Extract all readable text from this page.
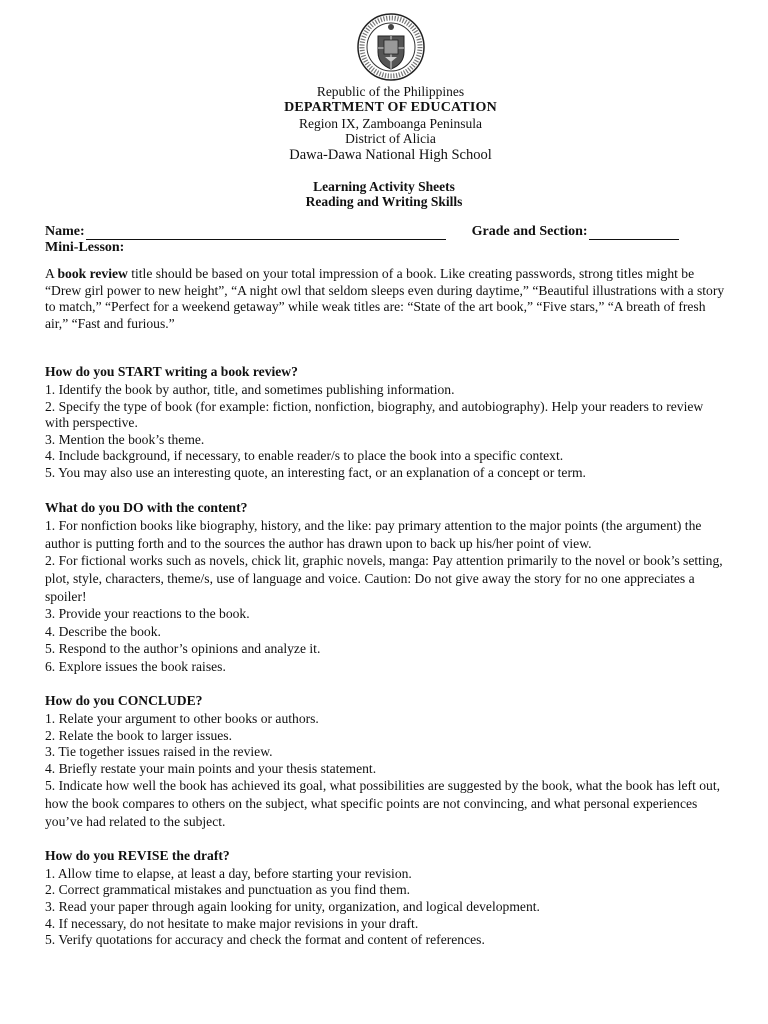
Republic of the Philippines
DEPARTMENT OF EDUCATION
Region IX, Zamboanga Peninsula
District of Alicia
Dawa-Dawa National High School
Learning Activity Sheets
Reading and Writing Skills
Name:	Grade and Section:
Mini-Lesson:

A book review title should be based on your total impression of a book. Like creating passwords, strong titles might be “Drew girl power to new height”, “A night owl that seldom sleeps even during daytime,” “Beautiful illustrations with a story to match,” “Perfect for a weekend getaway” while weak titles are: “State of the art book,” “Five stars,” “A breath of fresh air,” “Fast and furious.”

How do you START writing a book review?
1. Identify the book by author, title, and sometimes publishing information.
2. Specify the type of book (for example: fiction, nonfiction, biography, and autobiography). Help your readers to review with perspective.
3. Mention the book’s theme.
4. Include background, if necessary, to enable reader/s to place the book into a specific context.
5. You may also use an interesting quote, an interesting fact, or an explanation of a concept or term.
What do you DO with the content?
1. For nonfiction books like biography, history, and the like: pay primary attention to the major points (the argument) the author is putting forth and to the sources the author has drawn upon to back up his/her point of view.
2. For fictional works such as novels, chick lit, graphic novels, manga: Pay attention primarily to the novel or book’s setting, plot, style, characters, theme/s, use of language and voice. Caution: Do not give away the story for no one appreciates a spoiler!
3. Provide your reactions to the book.
4. Describe the book.
5. Respond to the author’s opinions and analyze it.
6. Explore issues the book raises.
How do you CONCLUDE?
1. Relate your argument to other books or authors.
2. Relate the book to larger issues.
3. Tie together issues raised in the review.
4. Briefly restate your main points and your thesis statement.
5. Indicate how well the book has achieved its goal, what possibilities are suggested by the book, what the book has left out, how the book compares to others on the subject, what specific points are not convincing, and what personal experiences you’ve had related to the subject.
How do you REVISE the draft?
1. Allow time to elapse, at least a day, before starting your revision.
2. Correct grammatical mistakes and punctuation as you find them.
3. Read your paper through again looking for unity, organization, and logical development.
4. If necessary, do not hesitate to make major revisions in your draft.
5. Verify quotations for accuracy and check the format and content of references.
